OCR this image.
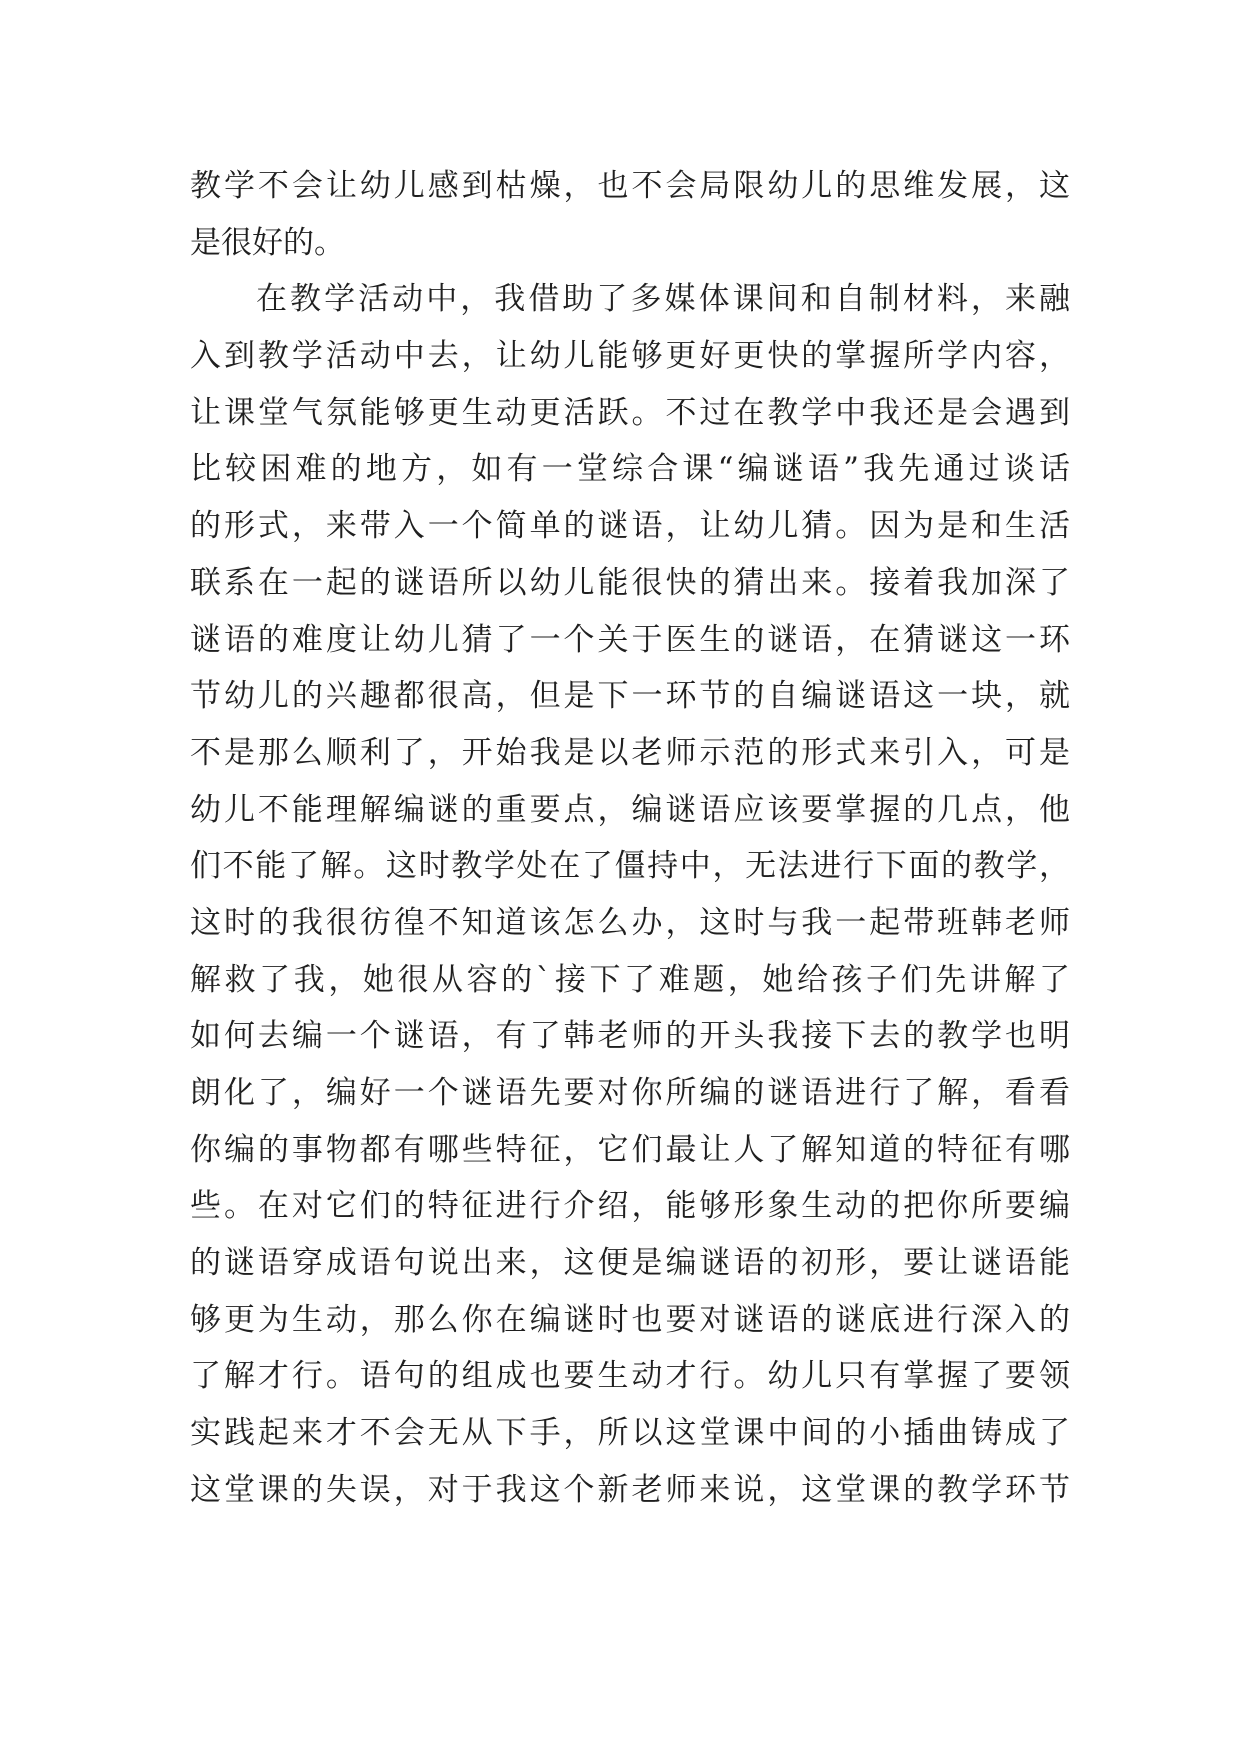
教学不会让幼儿感到枯燥，也不会局限幼儿的思维发展，这
是很好的。
在教学活动中，我借助了多媒体课间和自制材料，来融
入到教学活动中去，让幼儿能够更好更快的掌握所学内容，
让课堂气氛能够更生动更活跃。不过在教学中我还是会遇到
比较困难的地方，如有一堂综合课“编谜语”我先通过谈话
的形式，来带入一个简单的谜语，让幼儿猜。因为是和生活
联系在一起的谜语所以幼儿能很快的猜出来。接着我加深了
谜语的难度让幼儿猜了一个关于医生的谜语，在猜谜这一环
节幼儿的兴趣都很高，但是下一环节的自编谜语这一块，就
不是那么顺利了，开始我是以老师示范的形式来引入，可是
幼儿不能理解编谜的重要点，编谜语应该要掌握的几点，他
们不能了解。这时教学处在了僵持中，无法进行下面的教学，
这时的我很彷徨不知道该怎么办，这时与我一起带班韩老师
解救了我，她很从容的`接下了难题，她给孩子们先讲解了
如何去编一个谜语，有了韩老师的开头我接下去的教学也明
朗化了，编好一个谜语先要对你所编的谜语进行了解，看看
你编的事物都有哪些特征，它们最让人了解知道的特征有哪
些。在对它们的特征进行介绍，能够形象生动的把你所要编
的谜语穿成语句说出来，这便是编谜语的初形，要让谜语能
够更为生动，那么你在编谜时也要对谜语的谜底进行深入的
了解才行。语句的组成也要生动才行。幼儿只有掌握了要领
实践起来才不会无从下手，所以这堂课中间的小插曲铸成了
这堂课的失误，对于我这个新老师来说，这堂课的教学环节
